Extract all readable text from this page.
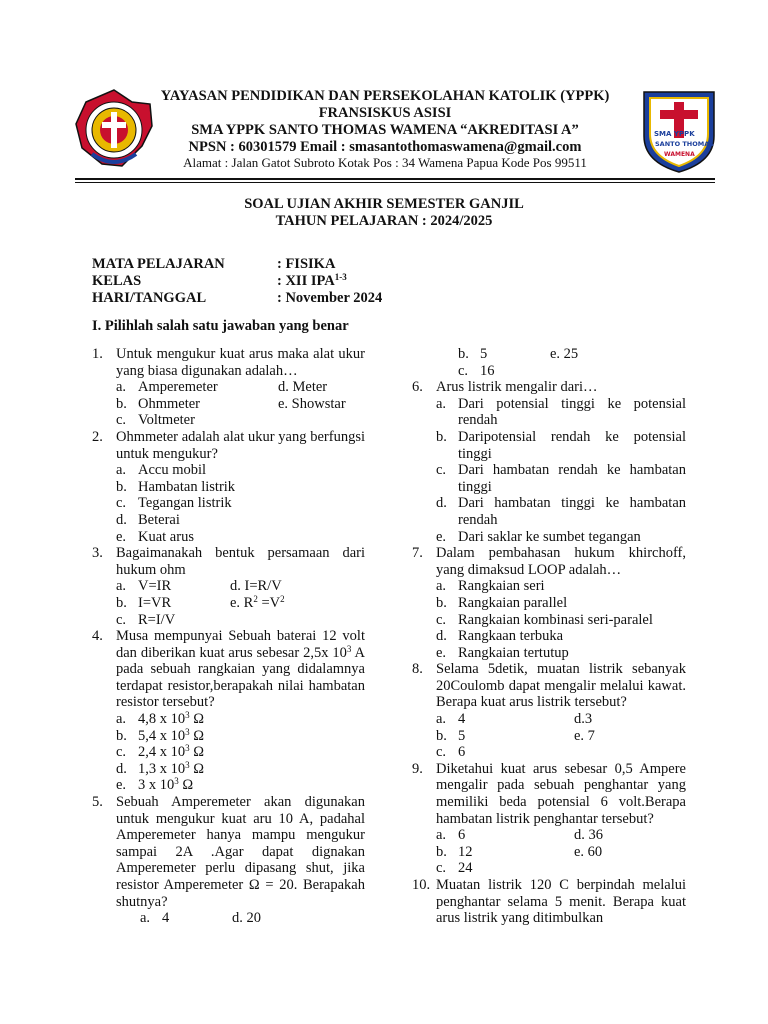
SMA YPPK
SANTO THOMAS
WAMENA
YAYASAN PENDIDIKAN DAN PERSEKOLAHAN KATOLIK (YPPK)
FRANSISKUS ASISI
SMA YPPK SANTO THOMAS WAMENA “AKREDITASI A”
NPSN : 60301579 Email : smasantothomaswamena@gmail.com
Alamat : Jalan Gatot Subroto Kotak Pos : 34 Wamena Papua Kode Pos 99511
SOAL UJIAN AKHIR SEMESTER GANJIL
TAHUN PELAJARAN : 2024/2025
MATA PELAJARAN	: FISIKA
KELAS	: XII IPA$^{1-3}$
HARI/TANGGAL	: November 2024
I. Pilihlah salah satu jawaban yang benar
1. Untuk mengukur kuat arus maka alat ukur yang biasa digunakan adalah…
a. Amperemeter	d. Meter
b. Ohmmeter	e. Showstar
c. Voltmeter
2. Ohmmeter adalah alat ukur yang berfungsi untuk mengukur?
a. Accu mobil
b. Hambatan listrik
c. Tegangan listrik
d. Beterai
e. Kuat arus
3. Bagaimanakah bentuk persamaan dari hukum ohm
a. V=IR	d. I=R/V
b. I=VR	e. $R^2 =V^2$
c. R=I/V
4. Musa mempunyai Sebuah baterai 12 volt dan diberikan kuat arus sebesar 2,5x $10^3$ A pada sebuah rangkaian yang didalamnya terdapat resistor,berapakah nilai hambatan resistor tersebut?
a. 4,8 x $10^3$ Ω
b. 5,4 x $10^3$ Ω
c. 2,4 x $10^3$ Ω
d. 1,3 x $10^3$ Ω
e. 3 x $10^3$ Ω
5. Sebuah Amperemeter akan digunakan untuk mengukur kuat aru 10 A, padahal Amperemeter hanya mampu mengukur sampai 2A .Agar dapat dignakan Amperemeter perlu dipasang shut, jika resistor Amperemeter Ω = 20. Berapakah shutnya?
a. 4	d. 20
b. 5	e. 25
c. 16
6. Arus listrik mengalir dari…
a. Dari potensial tinggi ke potensial rendah
b. Daripotensial rendah ke potensial tinggi
c. Dari hambatan rendah ke hambatan tinggi
d. Dari hambatan tinggi ke hambatan rendah
e. Dari saklar ke sumbet tegangan
7. Dalam pembahasan hukum khirchoff, yang dimaksud LOOP adalah…
a. Rangkaian seri
b. Rangkaian parallel
c. Rangkaian kombinasi seri-paralel
d. Rangkaan terbuka
e. Rangkaian tertutup
8. Selama 5detik, muatan listrik sebanyak 20Coulomb dapat mengalir melalui kawat. Berapa kuat arus listrik tersebut?
a. 4	d.3
b. 5	e. 7
c. 6
9. Diketahui kuat arus sebesar 0,5 Ampere mengalir pada sebuah penghantar yang memiliki beda potensial 6 volt.Berapa hambatan listrik penghantar tersebut?
a. 6	d. 36
b. 12	e. 60
c. 24
10. Muatan listrik 120 C berpindah melalui penghantar selama 5 menit. Berapa kuat arus listrik yang ditimbulkan
